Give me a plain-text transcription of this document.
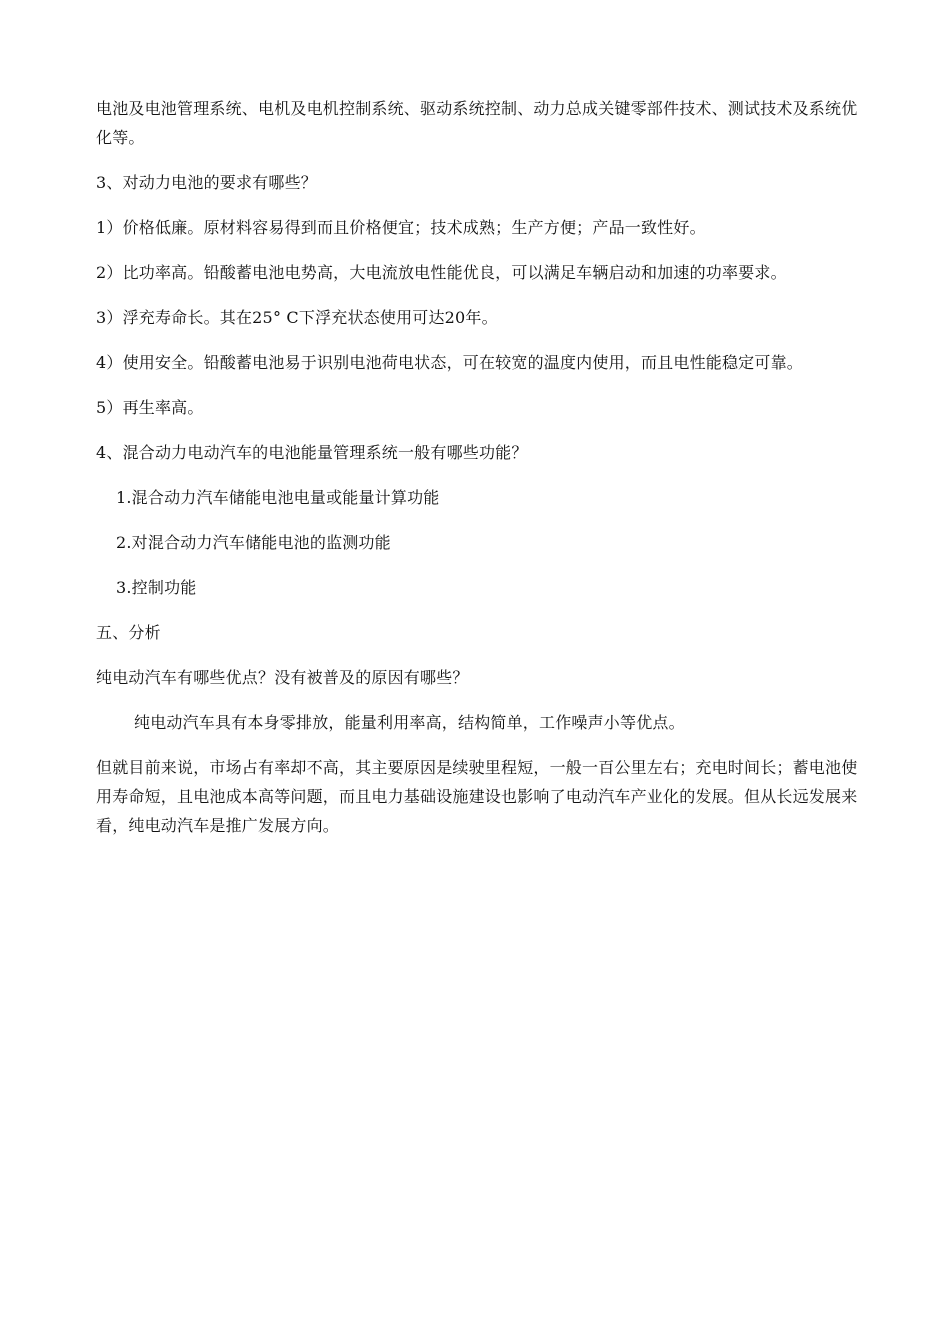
电池及电池管理系统、电机及电机控制系统、驱动系统控制、动力总成关键零部件技术、测试技术及系统优化等。

3、对动力电池的要求有哪些？

1）价格低廉。原材料容易得到而且价格便宜；技术成熟；生产方便；产品一致性好。

2）比功率高。铅酸蓄电池电势高，大电流放电性能优良，可以满足车辆启动和加速的功率要求。

3）浮充寿命长。其在25° C下浮充状态使用可达20年。

4）使用安全。铅酸蓄电池易于识别电池荷电状态，可在较宽的温度内使用，而且电性能稳定可靠。

5）再生率高。

4、混合动力电动汽车的电池能量管理系统一般有哪些功能？

1.混合动力汽车储能电池电量或能量计算功能

2.对混合动力汽车储能电池的监测功能

3.控制功能

五、分析

纯电动汽车有哪些优点？没有被普及的原因有哪些？

纯电动汽车具有本身零排放，能量利用率高，结构简单，工作噪声小等优点。

但就目前来说，市场占有率却不高，其主要原因是续驶里程短，一般一百公里左右；充电时间长；蓄电池使用寿命短，且电池成本高等问题，而且电力基础设施建设也影响了电动汽车产业化的发展。但从长远发展来看，纯电动汽车是推广发展方向。
